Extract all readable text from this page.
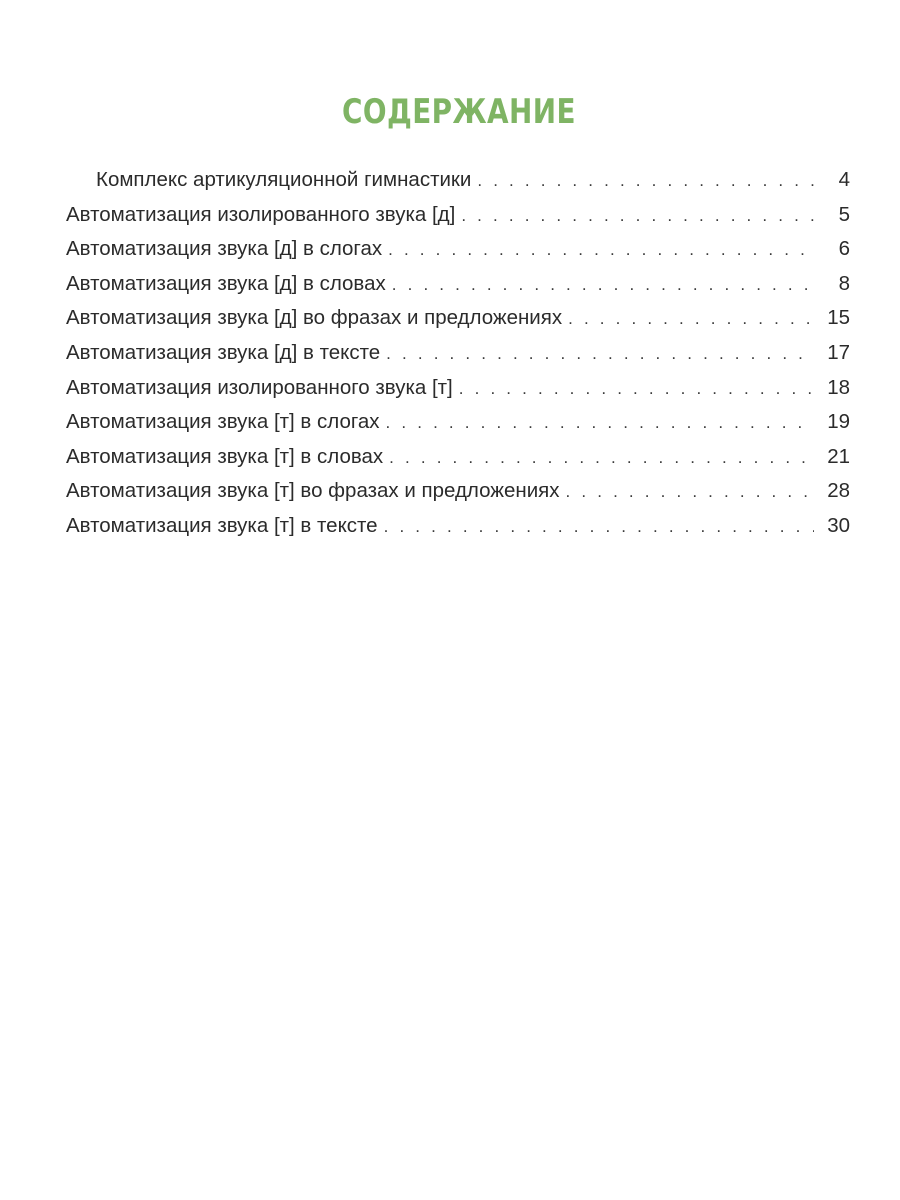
СОДЕРЖАНИЕ
Комплекс артикуляционной гимнастики . . .	4
Автоматизация изолированного звука [д] . . .	5
Автоматизация звука [д] в слогах . . .	6
Автоматизация звука [д] в словах . . .	8
Автоматизация звука [д] во фразах и предложениях . . .	15
Автоматизация звука [д] в тексте . . .	17
Автоматизация изолированного звука [т] . . .	18
Автоматизация звука [т] в слогах . . .	19
Автоматизация звука [т] в словах . . .	21
Автоматизация звука [т] во фразах и предложениях . . .	28
Автоматизация звука [т] в тексте . . .	30
